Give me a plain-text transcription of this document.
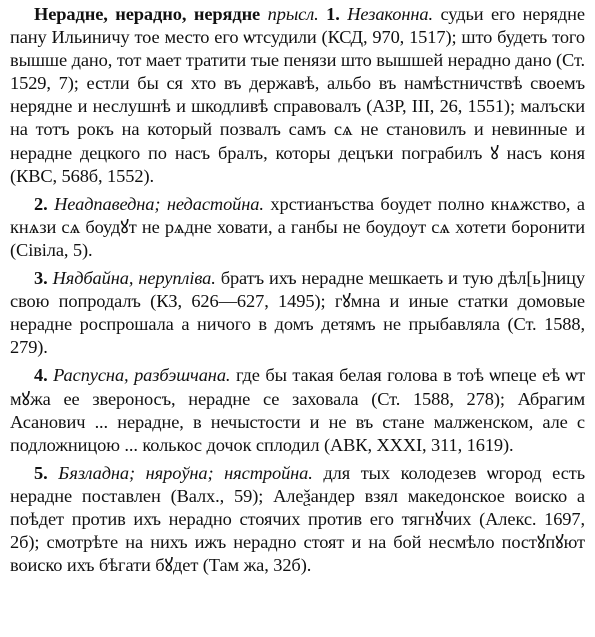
Нерадне, нерадно, нерядне прысл. 1. Незаконна. судьи его нерядне пану Ильиничу тое место его ѡтсудили (КСД, 970, 1517); што будеть того вышше дано, тот мает тратити тые пенязи што вышшей нерадно дано (Ст. 1529, 7); естли бы ся хто въ державѣ, альбо въ намѣстничствѣ своемъ нерядне и неслушнѣ и шкодливѣ справовалъ (АЗР, III, 26, 1551); малъски на тотъ рокъ на который позвалъ самъ сѧ не становилъ и невинные и нерадне децкого по насъ бралъ, которы децъки пограбилъ ꙋ насъ коня (КВС, 568б, 1552).

2. Неадпаведна; недастойна. хрстианъства боудет полно кнѧжство, а кнѧзи сѧ боудꙋт не рѧдне ховати, а ганбы не боудоут сѧ хотети боронити (Сівіла, 5).

3. Нядбайна, неруплiва. братъ ихъ нерадне мешкаеть и тую дѣл[ь]ницу свою попродалъ (КЗ, 626—627, 1495); гꙋмна и иные статки домовые нерадне роспрошала а ничого в домъ детямъ не прыбавляла (Ст. 1588, 279).

4. Распусна, разбэшчана. где бы такая белая голова в тоѣ ѡпеце еѣ ѡт мꙋжа ее звероносъ, нерадне се заховала (Ст. 1588, 278); Абрагим Асанович ... нерадне, в нечыстости и не въ стане малженском, але с подложницою ... колькос дочок сплодил (АВК, XXXI, 311, 1619).

5. Бязладна; няроўна; нястройна. для тых колодезев ѡгород есть нерадне поставлен (Валх., 59); Алеѯандер взял македонское воиско а поѣдет против ихъ нерадно стоячих против его тягнꙋчих (Алекс. 1697, 2б); смотрѣте на нихъ ижъ нерадно стоят и на бой несмѣло постꙋпꙋют воиско ихъ бѣгати бꙋдет (Там жа, 32б).
